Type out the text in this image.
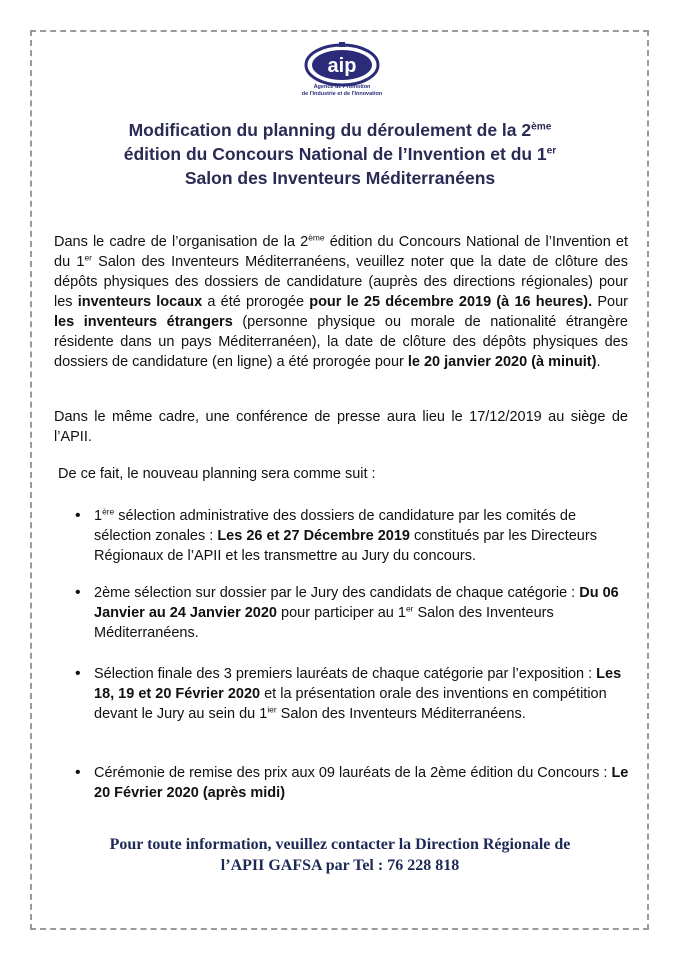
aip
Agence de Promotion
de l'Industrie et de l'Innovation
Modification du planning du déroulement de la 2ème
édition du Concours National de l’Invention et du 1er
Salon des Inventeurs Méditerranéens
Dans le cadre de l’organisation de la 2ème édition du Concours National de l’Invention et du 1er Salon des Inventeurs Méditerranéens, veuillez noter que la date de clôture des dépôts physiques des dossiers de candidature (auprès des directions régionales) pour les inventeurs locaux a été prorogée pour le 25 décembre 2019 (à 16 heures). Pour les inventeurs étrangers (personne physique ou morale de nationalité étrangère résidente dans un pays Méditerranéen), la date de clôture des dépôts physiques des dossiers de candidature (en ligne) a été prorogée pour le 20 janvier 2020 (à minuit).
Dans le même cadre, une conférence de presse aura lieu le 17/12/2019 au siège de l’APII.
De ce fait, le nouveau planning sera comme suit :
• 1ère sélection administrative des dossiers de candidature par les comités de sélection zonales : Les 26 et 27 Décembre 2019 constitués par les Directeurs Régionaux de l’APII et les transmettre au Jury du concours.
• 2ème sélection sur dossier par le Jury des candidats de chaque catégorie : Du 06 Janvier au 24 Janvier 2020 pour participer au 1er Salon des Inventeurs Méditerranéens.
• Sélection finale des 3 premiers lauréats de chaque catégorie par l’exposition : Les 18, 19 et 20 Février 2020 et la présentation orale des inventions en compétition devant le Jury au sein du $1^{ier}$ Salon des Inventeurs Méditerranéens.
• Cérémonie de remise des prix aux 09 lauréats de la 2ème édition du Concours : Le 20 Février 2020 (après midi)
Pour toute information, veuillez contacter la Direction Régionale de
l’APII GAFSA par Tel : 76 228 818
